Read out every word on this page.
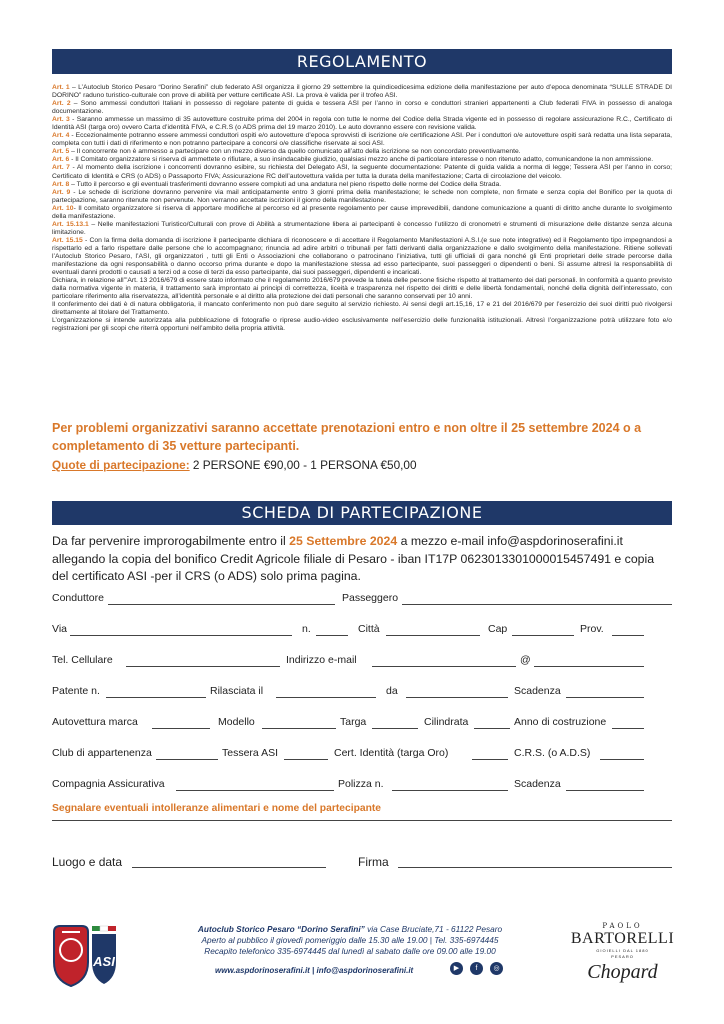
REGOLAMENTO

Art. 1 – L’Autoclub Storico Pesaro “Dorino Serafini” club federato ASI organizza il giorno 29 settembre la quindicedicesima edizione della manifestazione per auto d’epoca denominata “SULLE STRADE DI DORINO” raduno turistico-culturale con prove di abilità per vetture certificate ASI. La prova è valida per il trofeo ASI.

Art. 2 – Sono ammessi conduttori Italiani in possesso di regolare patente di guida e tessera ASI per l’anno in corso e conduttori stranieri appartenenti a Club federati FIVA in possesso di analoga documentazione.

Art. 3 - Saranno ammesse un massimo di 35 autovetture costruite prima del 2004 in regola con tutte le norme del Codice della Strada vigente ed in possesso di regolare assicurazione R.C., Certificato di Identità ASI (targa oro) ovvero Carta d’identità FIVA, e C.R.S (o ADS prima del 19 marzo 2010). Le auto dovranno essere con revisione valida.

Art. 4 - Eccezionalmente potranno essere ammessi conduttori ospiti e/o autovetture d’epoca sprovvisti di iscrizione o/e certificazione ASI. Per i conduttori o/e autovetture ospiti sarà redatta una lista separata, completa con tutti i dati di riferimento e non potranno partecipare a concorsi o/e classifiche riservate ai soci ASI.

Art. 5 – Il concorrente non è ammesso a partecipare con un mezzo diverso da quello comunicato all’atto della iscrizione se non concordato preventivamente.

Art. 6 - Il Comitato organizzatore si riserva di ammettete o rifiutare, a suo insindacabile giudizio, qualsiasi mezzo anche di particolare interesse o non ritenuto adatto, comunicandone la non ammissione.

Art. 7 - Al momento della iscrizione i concorrenti dovranno esibire, su richiesta del Delegato ASI, la seguente documentazione: Patente di guida valida a norma di legge; Tessera ASI per l’anno in corso; Certificato di Identità e CRS (o ADS) o Passaporto FIVA; Assicurazione RC dell’autovettura valida per tutta la durata della manifestazione; Carta di circolazione del veicolo.

Art. 8 – Tutto il percorso e gli eventuali trasferimenti dovranno essere compiuti ad una andatura nel pieno rispetto delle norme del Codice della Strada.

Art. 9 - Le schede di iscrizione dovranno pervenire via mail anticipatamente entro 3 giorni prima della manifestazione; le schede non complete, non firmate e senza copia del Bonifico per la quota di partecipazione, saranno ritenute non pervenute. Non verranno accettate iscrizioni il giorno della manifestazione.

Art. 10- Il comitato organizzatore si riserva di apportare modifiche al percorso ed al presente regolamento per cause imprevedibili, dandone comunicazione a quanti di diritto anche durante lo svolgimento della manifestazione.

Art. 15.13.1 – Nelle manifestazioni Turistico/Culturali con prove di Abilità a strumentazione libera ai partecipanti è concesso l’utilizzo di cronometri e strumenti di misurazione delle distanze senza alcuna limitazione.

Art. 15.15 - Con la firma della domanda di iscrizione il partecipante dichiara di riconoscere e di accettare il Regolamento Manifestazioni A.S.I.(e sue note integrative) ed il Regolamento tipo impegnandosi a rispettarlo ed a farlo rispettare dalle persone che lo accompagnano; rinuncia ad adire arbitri o tribunali per fatti derivanti dalla organizzazione e dallo svolgimento della manifestazione. Ritiene sollevati l’Autoclub Storico Pesaro, l’ASI, gli organizzatori , tutti gli Enti o Associazioni che collaborano o patrocinano l’iniziativa, tutti gli ufficiali di gara nonché gli Enti proprietari delle strade percorse dalla manifestazione da ogni responsabilità o danno occorso prima durante e dopo la manifestazione stessa ad esso partecipante, suoi passeggeri o dipendenti o beni. Si assume altresì la responsabilità di eventuali danni prodotti o causati a terzi od a cose di terzi da esso partecipante, dai suoi passeggeri, dipendenti e incaricati.

Dichiara, in relazione all’”Art. 13 2016/679 di essere stato informato che il regolamento 2016/679 prevede la tutela delle persone fisiche rispetto al trattamento dei dati personali. In conformità a quanto previsto dalla normativa vigente in materia, il trattamento sarà improntato ai principi di correttezza, liceità e trasparenza nel rispetto dei diritti e delle libertà fondamentali, nonché della dignità dell’interessato, con particolare riferimento alla riservatezza, all’identità personale e al diritto alla protezione dei dati personali che saranno conservati per 10 anni.

Il conferimento dei dati è di natura obbligatoria, il mancato conferimento non può dare seguito al servizio richiesto. Ai sensi degli art.15,16, 17 e 21 del 2016/679 per l’esercizio dei suoi diritti può rivolgersi direttamente al titolare del Trattamento.

L’organizzazione si intende autorizzata alla pubblicazione di fotografie o riprese audio-video esclusivamente nell’esercizio delle funzionalità istituzionali. Altresì l’organizzazione potrà utilizzare foto e/o registrazioni per gli scopi che riterrà opportuni nell’ambito della propria attività.

Per problemi organizzativi saranno accettate prenotazioni entro e non oltre il 25 settembre 2024 o a completamento di 35 vetture partecipanti.
Quote di partecipazione: 2 PERSONE €90,00 - 1 PERSONA €50,00
SCHEDA DI PARTECIPAZIONE
Da far pervenire improrogabilmente entro il 25 Settembre 2024 a mezzo e-mail info@aspdorinoserafini.it allegando la copia del bonifico Credit Agricole filiale di Pesaro - iban IT17P 0623013301000015457491 e copia del certificato ASI -per il CRS (o ADS) solo prima pagina.
Conduttore	Passeggero
Via	n.	Città	Cap	Prov.
Tel. Cellulare	Indirizzo e-mail	@
Patente n.	Rilasciata il	da	Scadenza
Autovettura marca	Modello	Targa	Cilindrata	Anno di costruzione
Club di appartenenza	Tessera ASI	Cert. Identità (targa Oro)	C.R.S. (o A.D.S)
Compagnia Assicurativa	Polizza n.	Scadenza
Segnalare eventuali intolleranze alimentari e nome del partecipante
Luogo e data	Firma
ASI
Autoclub Storico Pesaro “Dorino Serafini” via Case Bruciate,71 - 61122 Pesaro
Aperto al pubblico il giovedì pomeriggio dalle 15.30 alle 19.00 | Tel. 335-6974445
Recapito telefonico 335-6974445 dal lunedì al sabato dalle ore 09.00 alle 19.00
www.aspdorinoserafini.it | info@aspdorinoserafini.it	▶	f	◎
PAOLO
BARTORELLI
GIOIELLI DAL 1880
PESARO
Chopard
